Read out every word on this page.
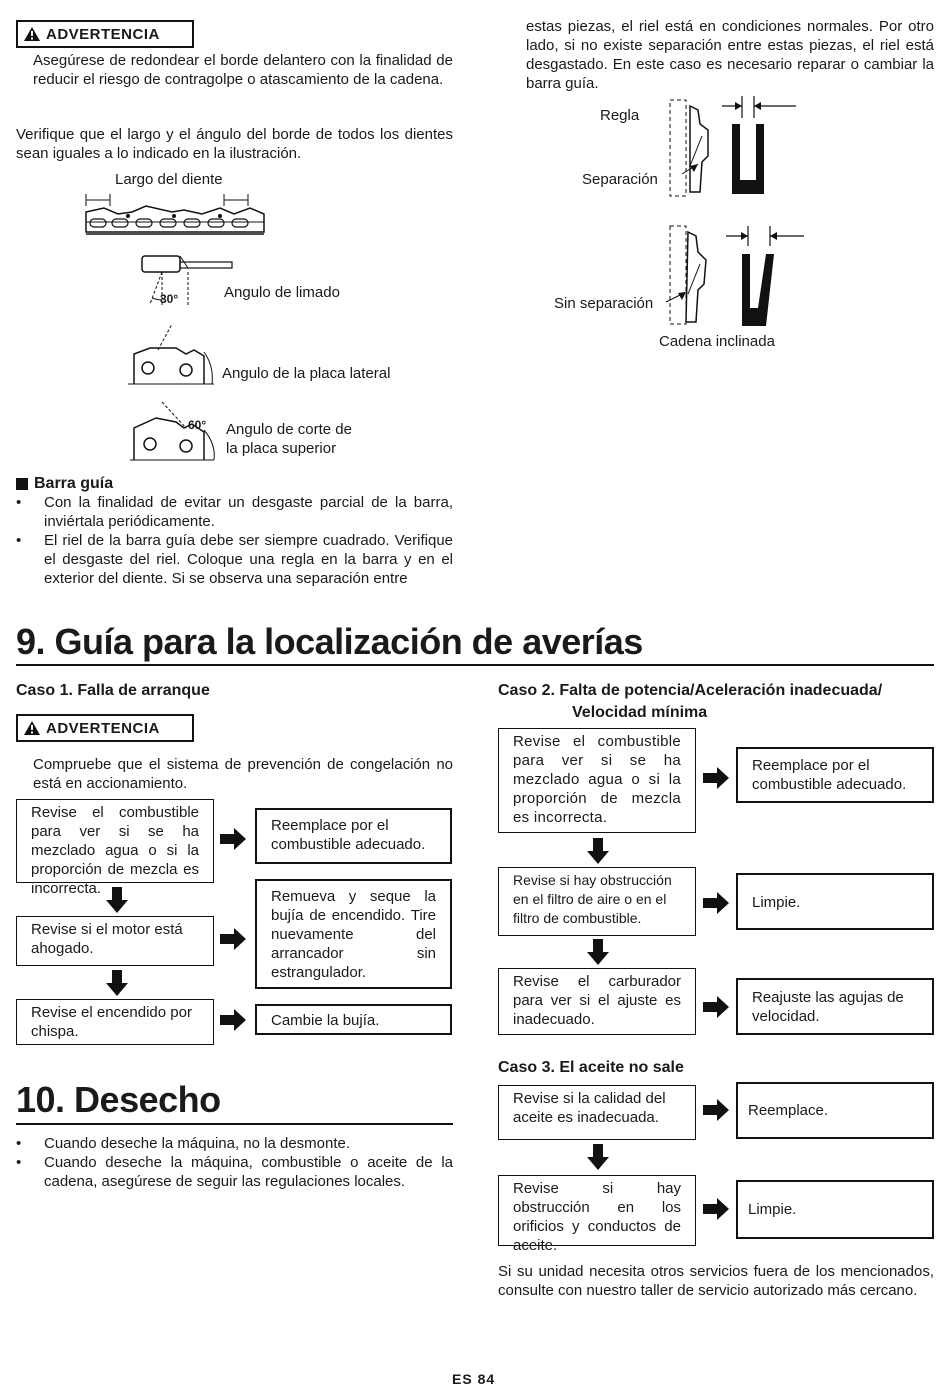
ADVERTENCIA
Asegúrese de redondear el borde delantero con la finalidad de reducir el riesgo de contragolpe o atascamiento de la cadena.
Verifique que el largo y el ángulo del borde de todos los dientes sean iguales a lo indicado en la ilustración.
Largo del diente
30°	Angulo de limado
Angulo de la placa lateral
60° Angulo de corte de
la placa superior
Barra guía
• Con la finalidad de evitar un desgaste parcial de la barra, inviértala periódicamente.
• El riel de la barra guía debe ser siempre cuadrado. Verifique el desgaste del riel. Coloque una regla en la barra y en el exterior del diente. Si se observa una separación entre
estas piezas, el riel está en condiciones normales. Por otro lado, si no existe separación entre estas piezas, el riel está desgastado. En este caso es necesario reparar o cambiar la barra guía.
Regla
Separación
Sin separación
Cadena inclinada
9. Guía para la localización de averías
Caso 1. Falla de arranque
ADVERTENCIA
Compruebe que el sistema de prevención de congelación no está en accionamiento.
Revise el combustible para ver si se ha mezclado agua o si la proporción de mezcla es incorrecta.
Reemplace por el combustible adecuado.
Revise si el motor está ahogado.
Remueva y seque la bujía de encendido. Tire nuevamente del arrancador sin estrangulador.
Revise el encendido por chispa.
Cambie la bujía.
Caso 2. Falta de potencia/Aceleración inadecuada/
Velocidad mínima
Revise el combustible para ver si se ha mezclado agua o si la proporción de mezcla es incorrecta.
Reemplace por el combustible adecuado.
Revise si hay obstrucción en el filtro de aire o en el filtro de combustible.
Limpie.
Revise el carburador para ver si el ajuste es inadecuado.
Reajuste las agujas de velocidad.
Caso 3. El aceite no sale
Revise si la calidad del aceite es inadecuada.	Reemplace.
Revise si hay obstrucción en los orificios y conductos de aceite.
Limpie.
Si su unidad necesita otros servicios fuera de los mencionados, consulte con nuestro taller de servicio autorizado más cercano.
10. Desecho
• Cuando deseche la máquina, no la desmonte.
• Cuando deseche la máquina, combustible o aceite de la cadena, asegúrese de seguir las regulaciones locales.
ES 84
